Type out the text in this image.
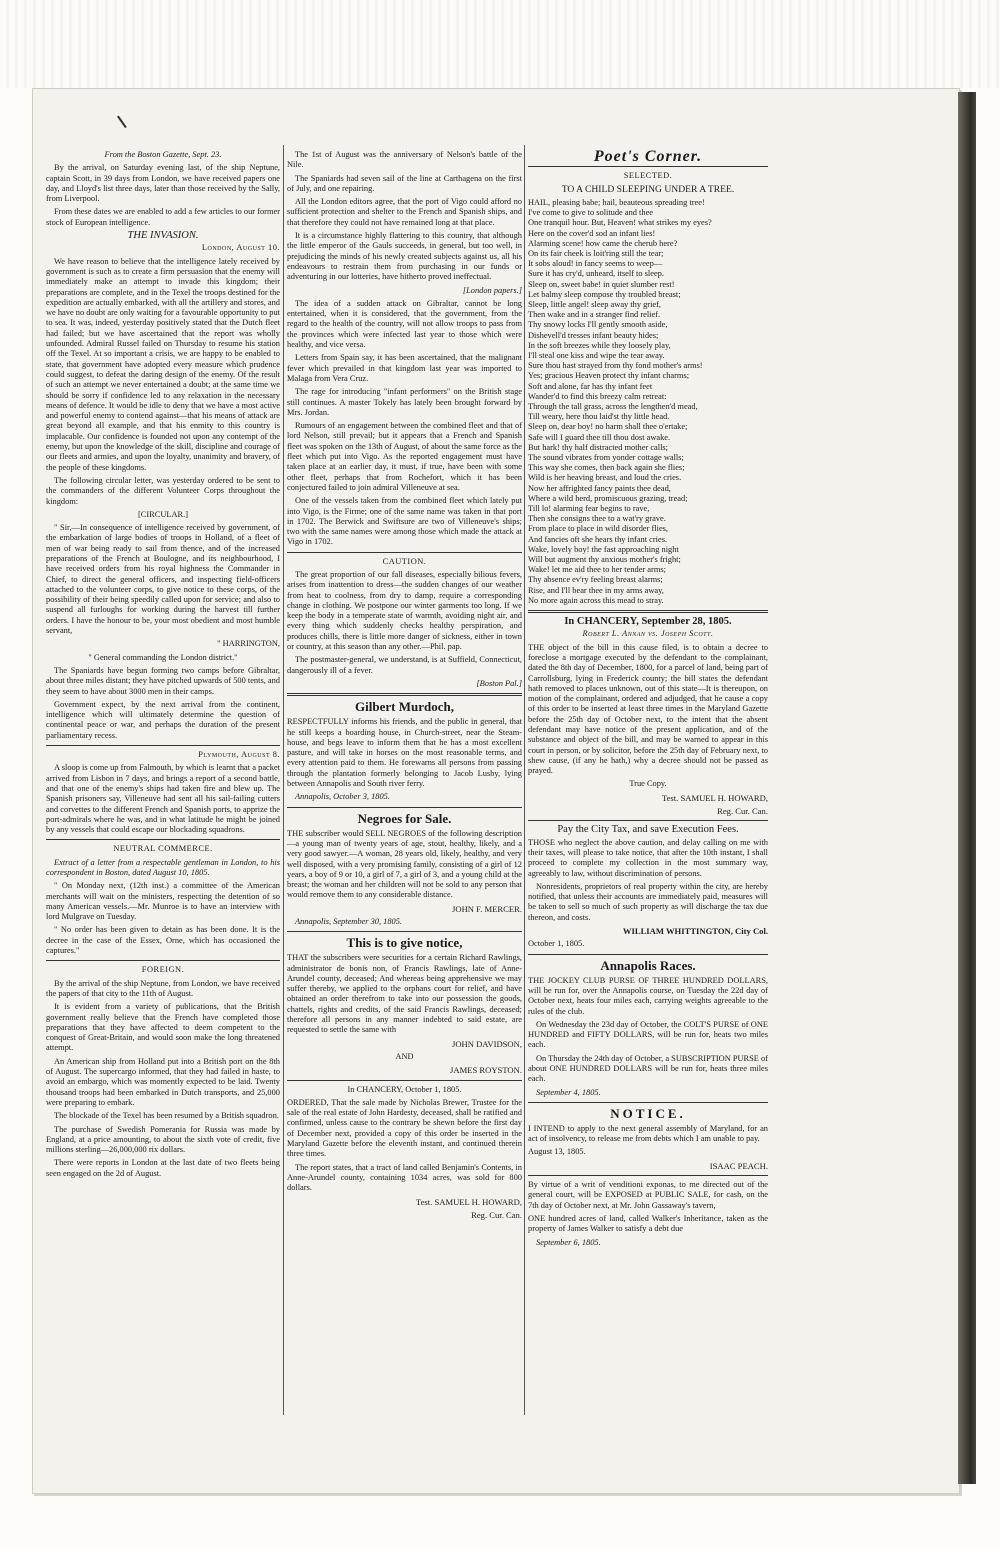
From the Boston Gazette, Sept. 23.

By the arrival, on Saturday evening last, of the ship Neptune, captain Scott, in 39 days from London, we have received papers one day, and Lloyd's list three days, later than those received by the Sally, from Liverpool.

From these dates we are enabled to add a few articles to our former stock of European intelligence.

THE INVASION.

London, August 10.

We have reason to believe that the intelligence lately received by government is such as to create a firm persuasion that the enemy will immediately make an attempt to invade this kingdom; their preparations are complete, and in the Texel the troops destined for the expedition are actually embarked, with all the artillery and stores, and we have no doubt are only waiting for a favourable opportunity to put to sea. It was, indeed, yesterday positively stated that the Dutch fleet had failed; but we have ascertained that the report was wholly unfounded. Admiral Russel failed on Thursday to resume his station off the Texel. At so important a crisis, we are happy to be enabled to state, that government have adopted every measure which prudence could suggest, to defeat the daring design of the enemy. Of the result of such an attempt we never entertained a doubt; at the same time we should be sorry if confidence led to any relaxation in the necessary means of defence. It would be idle to deny that we have a most active and powerful enemy to contend against—that his means of attack are great beyond all example, and that his enmity to this country is implacable. Our confidence is founded not upon any contempt of the enemy, but upon the knowledge of the skill, discipline and courage of our fleets and armies, and upon the loyalty, unanimity and bravery, of the people of these kingdoms.

The following circular letter, was yesterday ordered to be sent to the commanders of the different Volunteer Corps throughout the kingdom:

[CIRCULAR.]

" Sir,—In consequence of intelligence received by government, of the embarkation of large bodies of troops in Holland, of a fleet of men of war being ready to sail from thence, and of the increased preparations of the French at Boulogne, and its neighbourhood, I have received orders from his royal highness the Commander in Chief, to direct the general officers, and inspecting field-officers attached to the volunteer corps, to give notice to these corps, of the possibility of their being speedily called upon for service; and also to suspend all furloughs for working during the harvest till further orders. I have the honour to be, your most obedient and most humble servant,

" HARRINGTON,

" General commanding the London district."

The Spaniards have begun forming two camps before Gibraltar, about three miles distant; they have pitched upwards of 500 tents, and they seem to have about 3000 men in their camps.

Government expect, by the next arrival from the continent, intelligence which will ultimately determine the question of continental peace or war, and perhaps the duration of the present parliamentary recess.

Plymouth, August 8.

A sloop is come up from Falmouth, by which is learnt that a packet arrived from Lisbon in 7 days, and brings a report of a second battle, and that one of the enemy's ships had taken fire and blew up. The Spanish prisoners say, Villeneuve had sent all his sail-failing cutters and corvettes to the different French and Spanish ports, to apprize the port-admirals where he was, and in what latitude he might be joined by any vessels that could escape our blockading squadrons.

NEUTRAL COMMERCE.

Extract of a letter from a respectable gentleman in London, to his correspondent in Boston, dated August 10, 1805.

" On Monday next, (12th inst.) a committee of the American merchants will wait on the ministers, respecting the detention of so many American vessels.—Mr. Munroe is to have an interview with lord Mulgrave on Tuesday.

" No order has been given to detain as has been done. It is the decree in the case of the Essex, Orne, which has occasioned the captures."

FOREIGN.

By the arrival of the ship Neptune, from London, we have received the papers of that city to the 11th of August.

It is evident from a variety of publications, that the British government really believe that the French have completed those preparations that they have affected to deem competent to the conquest of Great-Britain, and would soon make the long threatened attempt.

An American ship from Holland put into a British port on the 8th of August. The supercargo informed, that they had failed in haste, to avoid an embargo, which was momently expected to be laid. Twenty thousand troops had been embarked in Dutch transports, and 25,000 were preparing to embark.

The blockade of the Texel has been resumed by a British squadron.

The purchase of Swedish Pomerania for Russia was made by England, at a price amounting, to about the sixth vote of credit, five millions sterling—26,000,000 rix dollars.

There were reports in London at the last date of two fleets being seen engaged on the 2d of August.

The 1st of August was the anniversary of Nelson's battle of the Nile.

The Spaniards had seven sail of the line at Carthagena on the first of July, and one repairing.

All the London editors agree, that the port of Vigo could afford no sufficient protection and shelter to the French and Spanish ships, and that therefore they could not have remained long at that place.

It is a circumstance highly flattering to this country, that although the little emperor of the Gauls succeeds, in general, but too well, in prejudicing the minds of his newly created subjects against us, all his endeavours to restrain them from purchasing in our funds or adventuring in our lotteries, have hitherto proved ineffectual.

[London papers.]

The idea of a sudden attack on Gibraltar, cannot be long entertained, when it is considered, that the government, from the regard to the health of the country, will not allow troops to pass from the provinces which were infected last year to those which were healthy, and vice versa.

Letters from Spain say, it has been ascertained, that the malignant fever which prevailed in that kingdom last year was imported to Malaga from Vera Cruz.

The rage for introducing "infant performers" on the British stage still continues. A master Tokely has lately been brought forward by Mrs. Jordan.

Rumours of an engagement between the combined fleet and that of lord Nelson, still prevail; but it appears that a French and Spanish fleet was spoken on the 13th of August, of about the same force as the fleet which put into Vigo. As the reported engagement must have taken place at an earlier day, it must, if true, have been with some other fleet, perhaps that from Rochefort, which it has been conjectured failed to join admiral Villeneuve at sea.

One of the vessels taken from the combined fleet which lately put into Vigo, is the Firme; one of the same name was taken in that port in 1702. The Berwick and Swiftsure are two of Villeneuve's ships; two with the same names were among those which made the attack at Vigo in 1702.

CAUTION.

The great proportion of our fall diseases, especially bilious fevers, arises from inattention to dress—the sudden changes of our weather from heat to coolness, from dry to damp, require a corresponding change in clothing. We postpone our winter garments too long. If we keep the body in a temperate state of warmth, avoiding night air, and every thing which suddenly checks healthy perspiration, and produces chills, there is little more danger of sickness, either in town or country, at this season than any other.—Phil. pap.

The postmaster-general, we understand, is at Suffield, Connecticut, dangerously ill of a fever.

[Boston Pal.]

Gilbert Murdoch,

RESPECTFULLY informs his friends, and the public in general, that he still keeps a boarding house, in Church-street, near the Steam-house, and begs leave to inform them that he has a most excellent pasture, and will take in horses on the most reasonable terms, and every attention paid to them. He forewarns all persons from passing through the plantation formerly belonging to Jacob Lusby, lying between Annapolis and South river ferry.

Annapolis, October 3, 1805.

Negroes for Sale.

THE subscriber would SELL NEGROES of the following description—a young man of twenty years of age, stout, healthy, likely, and a very good sawyer.—A woman, 28 years old, likely, healthy, and very well disposed, with a very promising family, consisting of a girl of 12 years, a boy of 9 or 10, a girl of 7, a girl of 3, and a young child at the breast; the woman and her children will not be sold to any person that would remove them to any considerable distance.

JOHN F. MERCER.

Annapolis, September 30, 1805.

This is to give notice,

THAT the subscribers were securities for a certain Richard Rawlings, administrator de bonis non, of Francis Rawlings, late of Anne-Arundel county, deceased; And whereas being apprehensive we may suffer thereby, we applied to the orphans court for relief, and have obtained an order therefrom to take into our possession the goods, chattels, rights and credits, of the said Francis Rawlings, deceased; therefore all persons in any manner indebted to said estate, are requested to settle the same with

JOHN DAVIDSON,

AND

JAMES ROYSTON.

In CHANCERY, October 1, 1805.

ORDERED, That the sale made by Nicholas Brewer, Trustee for the sale of the real estate of John Hardesty, deceased, shall be ratified and confirmed, unless cause to the contrary be shewn before the first day of December next, provided a copy of this order be inserted in the Maryland Gazette before the eleventh instant, and continued therein three times.

The report states, that a tract of land called Benjamin's Contents, in Anne-Arundel county, containing 1034 acres, was sold for 800 dollars.

Test. SAMUEL H. HOWARD,

Reg. Cur. Can.

Poet's Corner.

SELECTED.

TO A CHILD SLEEPING UNDER A TREE.

HAIL, pleasing babe; hail, beauteous spreading tree!
I've come to give to solitude and thee
One tranquil hour. But, Heaven! what strikes my eyes?
Here on the cover'd sod an infant lies!
Alarming scene! how came the cherub here?
On its fair cheek is loit'ring still the tear;
It sobs aloud! in fancy seems to weep—
Sure it has cry'd, unheard, itself to sleep.
Sleep on, sweet babe! in quiet slumber rest!
Let balmy sleep compose thy troubled breast;
Sleep, little angel! sleep away thy grief,
Then wake and in a stranger find relief.
Thy snowy locks I'll gently smooth aside,
Dishevell'd tresses infant beauty hides;
In the soft breezes while they loosely play,
I'll steal one kiss and wipe the tear away.
Sure thou hast strayed from thy fond mother's arms!
Yes; gracious Heaven protect thy infant charms;
Soft and alone, far has thy infant feet
Wander'd to find this breezy calm retreat:
Through the tall grass, across the lengthen'd mead,
Till weary, here thou laid'st thy little head.
Sleep on, dear boy! no harm shall thee o'ertake;
Safe will I guard thee till thou dost awake.
But hark! thy half distracted mother calls;
The sound vibrates from yonder cottage walls;
This way she comes, then back again she flies;
Wild is her heaving breast, and loud the cries.
Now her affrighted fancy paints thee dead,
Where a wild herd, promiscuous grazing, tread;
Till lo! alarming fear begins to rave,
Then she consigns thee to a wat'ry grave.
From place to place in wild disorder flies,
And fancies oft she hears thy infant cries.
Wake, lovely boy! the fast approaching night
Will but augment thy anxious mother's fright;
Wake! let me aid thee to her tender arms;
Thy absence ev'ry feeling breast alarms;
Rise, and I'll bear thee in my arms away,
No more again across this mead to stray.
In CHANCERY, September 28, 1805.

Robert L. Annan vs. Joseph Scott.

THE object of the bill in this cause filed, is to obtain a decree to foreclose a mortgage executed by the defendant to the complainant, dated the 8th day of December, 1800, for a parcel of land, being part of Carrollsburg, lying in Frederick county; the bill states the defendant hath removed to places unknown, out of this state—It is thereupon, on motion of the complainant, ordered and adjudged, that he cause a copy of this order to be inserted at least three times in the Maryland Gazette before the 25th day of October next, to the intent that the absent defendant may have notice of the present application, and of the substance and object of the bill, and may be warned to appear in this court in person, or by solicitor, before the 25th day of February next, to shew cause, (if any he hath,) why a decree should not be passed as prayed.

True Copy.

Test. SAMUEL H. HOWARD,

Reg. Cur. Can.

Pay the City Tax, and save Execution Fees.

THOSE who neglect the above caution, and delay calling on me with their taxes, will please to take notice, that after the 10th instant, I shall proceed to complete my collection in the most summary way, agreeably to law, without discrimination of persons.

Nonresidents, proprietors of real property within the city, are hereby notified, that unless their accounts are immediately paid, measures will be taken to sell so much of such property as will discharge the tax due thereon, and costs.

WILLIAM WHITTINGTON, City Col.

October 1, 1805.

Annapolis Races.

THE JOCKEY CLUB PURSE OF THREE HUNDRED DOLLARS, will be run for, over the Annapolis course, on Tuesday the 22d day of October next, heats four miles each, carrying weights agreeable to the rules of the club.

On Wednesday the 23d day of October, the COLT'S PURSE of ONE HUNDRED and FIFTY DOLLARS, will be run for, heats two miles each.

On Thursday the 24th day of October, a SUBSCRIPTION PURSE of about ONE HUNDRED DOLLARS will be run for, heats three miles each.

September 4, 1805.

NOTICE.

I INTEND to apply to the next general assembly of Maryland, for an act of insolvency, to release me from debts which I am unable to pay.

August 13, 1805.

ISAAC PEACH.

By virtue of a writ of venditioni exponas, to me directed out of the general court, will be EXPOSED at PUBLIC SALE, for cash, on the 7th day of October next, at Mr. John Gassaway's tavern,

ONE hundred acres of land, called Walker's Inheritance, taken as the property of James Walker to satisfy a debt due

September 6, 1805.
